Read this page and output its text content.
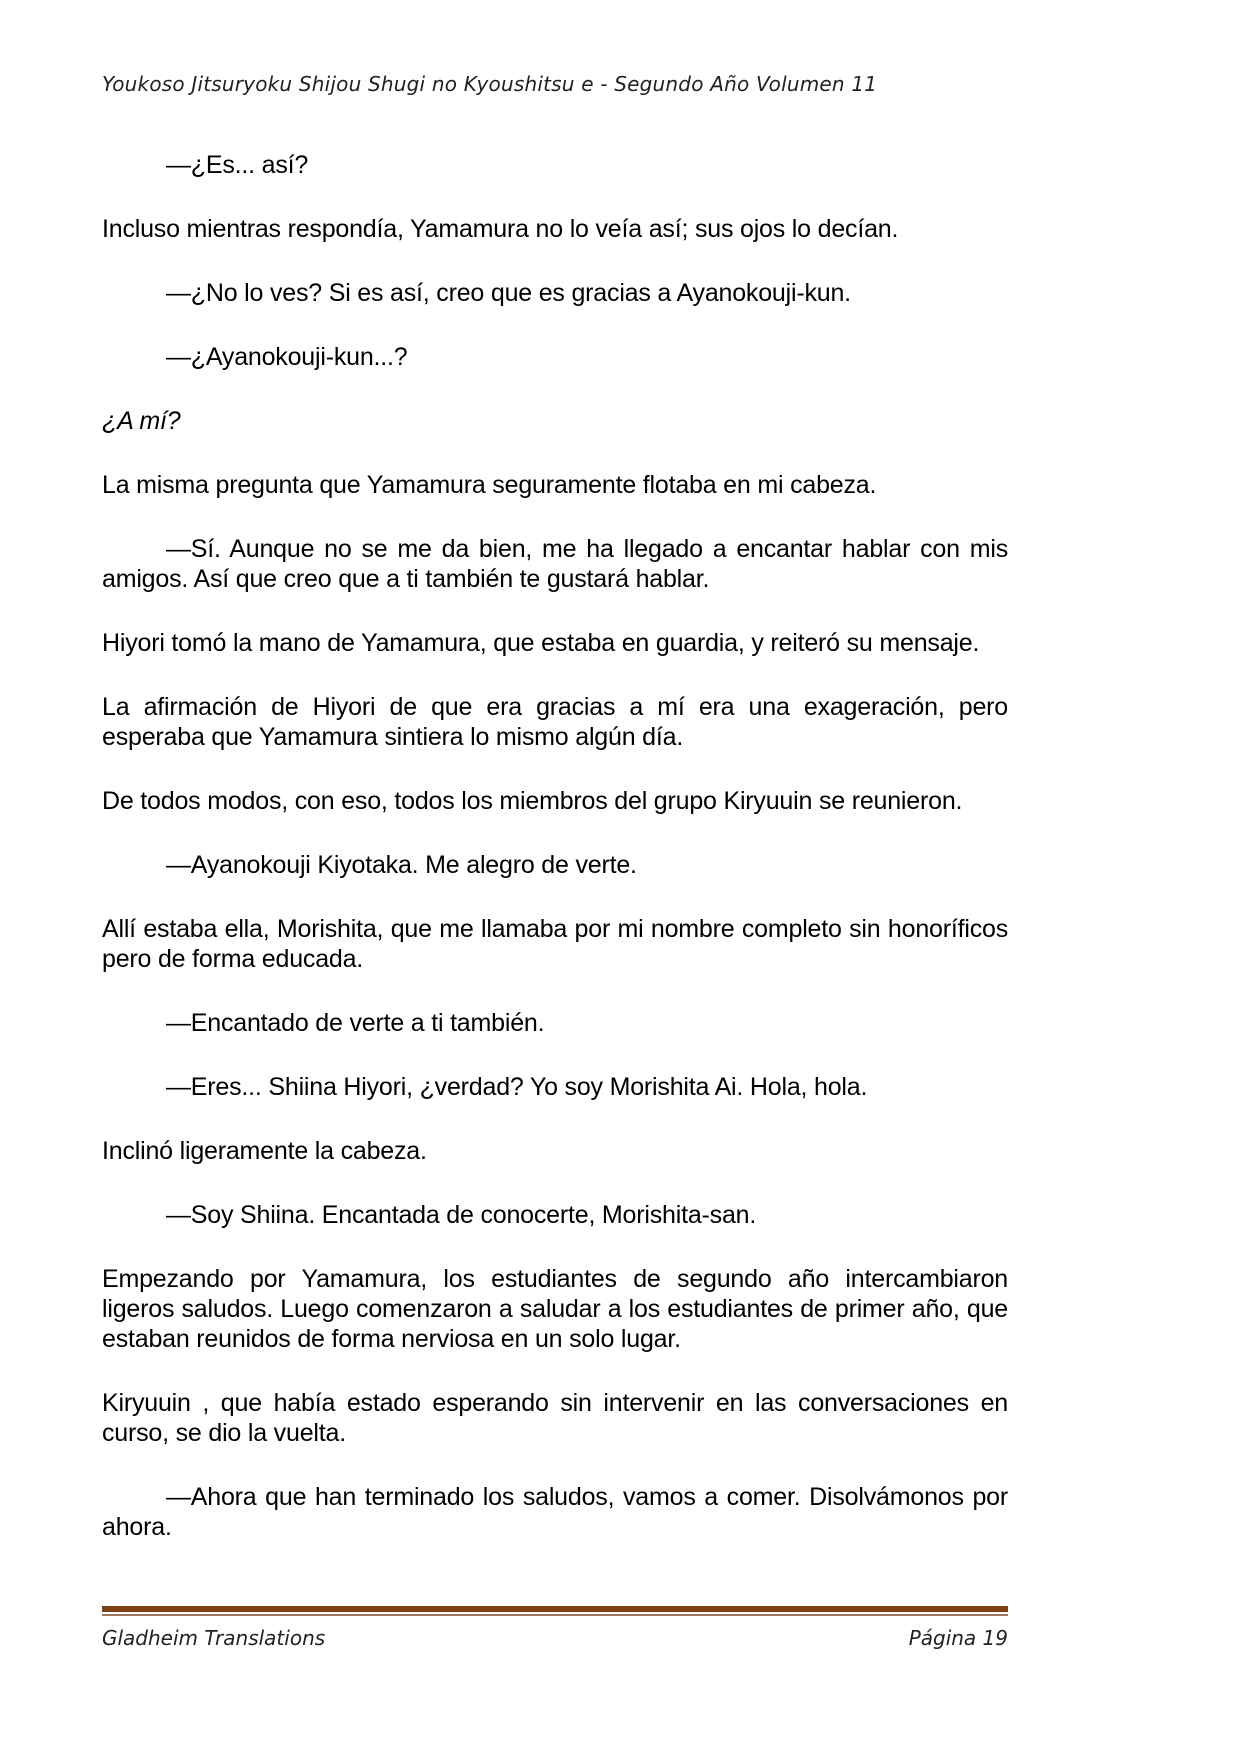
Youkoso Jitsuryoku Shijou Shugi no Kyoushitsu e - Segundo Año Volumen 11

—¿Es... así?

Incluso mientras respondía, Yamamura no lo veía así; sus ojos lo decían.

—¿No lo ves? Si es así, creo que es gracias a Ayanokouji-kun.

—¿Ayanokouji-kun...?

¿A mí?

La misma pregunta que Yamamura seguramente flotaba en mi cabeza.

—Sí. Aunque no se me da bien, me ha llegado a encantar hablar con mis amigos. Así que creo que a ti también te gustará hablar.

Hiyori tomó la mano de Yamamura, que estaba en guardia, y reiteró su mensaje.

La afirmación de Hiyori de que era gracias a mí era una exageración, pero esperaba que Yamamura sintiera lo mismo algún día.

De todos modos, con eso, todos los miembros del grupo Kiryuuin se reunieron.

—Ayanokouji Kiyotaka. Me alegro de verte.

Allí estaba ella, Morishita, que me llamaba por mi nombre completo sin honoríficos pero de forma educada.

—Encantado de verte a ti también.

—Eres... Shiina Hiyori, ¿verdad? Yo soy Morishita Ai. Hola, hola.

Inclinó ligeramente la cabeza.

—Soy Shiina. Encantada de conocerte, Morishita-san.

Empezando por Yamamura, los estudiantes de segundo año intercambiaron ligeros saludos. Luego comenzaron a saludar a los estudiantes de primer año, que estaban reunidos de forma nerviosa en un solo lugar.

Kiryuuin , que había estado esperando sin intervenir en las conversaciones en curso, se dio la vuelta.

—Ahora que han terminado los saludos, vamos a comer. Disolvámonos por ahora.

Gladheim Translations	Página 19
